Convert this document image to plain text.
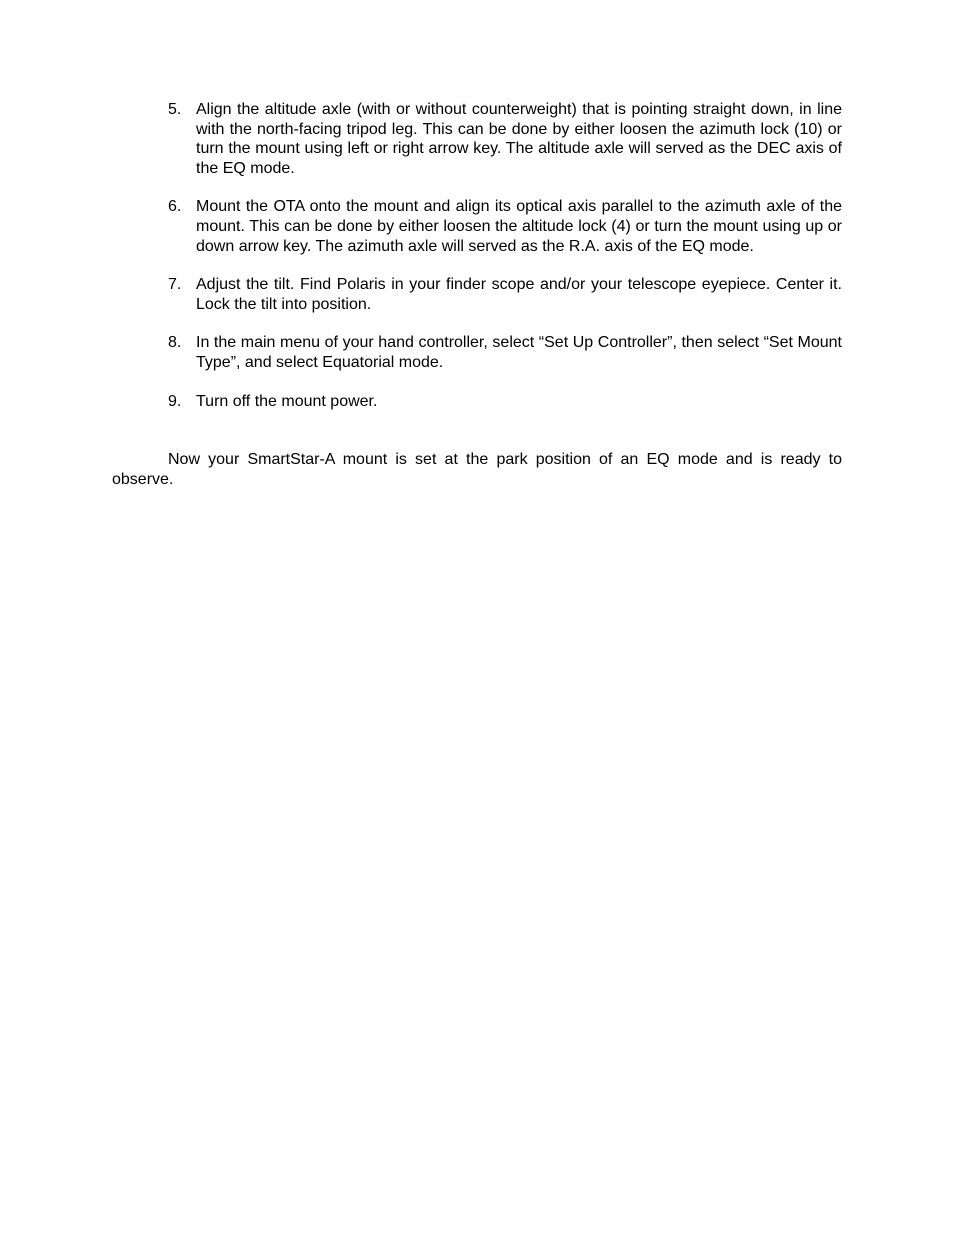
5. Align the altitude axle (with or without counterweight) that is pointing straight down, in line with the north-facing tripod leg. This can be done by either loosen the azimuth lock (10) or turn the mount using left or right arrow key. The altitude axle will served as the DEC axis of the EQ mode.
6. Mount the OTA onto the mount and align its optical axis parallel to the azimuth axle of the mount. This can be done by either loosen the altitude lock (4) or turn the mount using up or down arrow key. The azimuth axle will served as the R.A. axis of the EQ mode.
7. Adjust the tilt. Find Polaris in your finder scope and/or your telescope eyepiece. Center it. Lock the tilt into position.
8. In the main menu of your hand controller, select “Set Up Controller”, then select “Set Mount Type”, and select Equatorial mode.
9. Turn off the mount power.

Now your SmartStar-A mount is set at the park position of an EQ mode and is ready to observe.
